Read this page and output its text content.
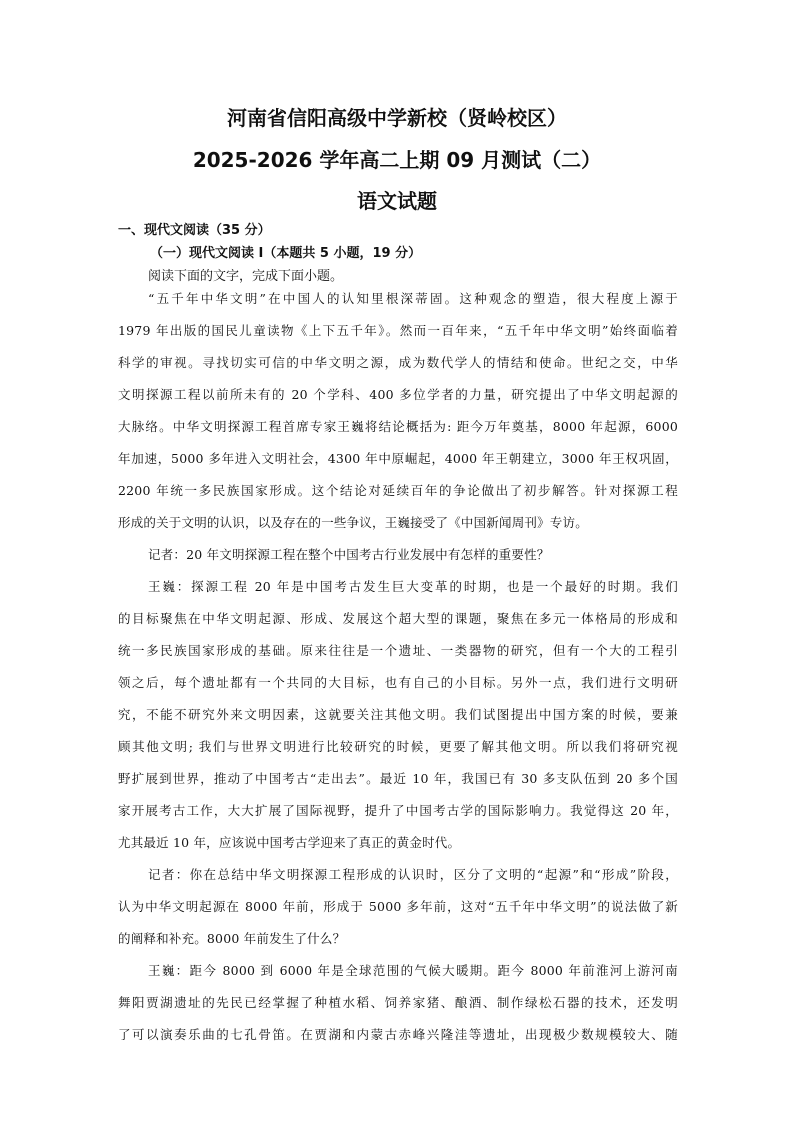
河南省信阳高级中学新校（贤岭校区）
2025-2026 学年高二上期 09 月测试（二）
语文试题
一、现代文阅读（35 分）
（一）现代文阅读 I（本题共 5 小题，19 分）
阅读下面的文字，完成下面小题。
“五千年中华文明”在中国人的认知里根深蒂固。这种观念的塑造，很大程度上源于
1979 年出版的国民儿童读物《上下五千年》。然而一百年来，“五千年中华文明”始终面临着
科学的审视。寻找切实可信的中华文明之源，成为数代学人的情结和使命。世纪之交，中华
文明探源工程以前所未有的 20 个学科、400 多位学者的力量，研究提出了中华文明起源的
大脉络。中华文明探源工程首席专家王巍将结论概括为: 距今万年奠基，8000 年起源，6000
年加速，5000 多年进入文明社会，4300 年中原崛起，4000 年王朝建立，3000 年王权巩固，
2200 年统一多民族国家形成。这个结论对延续百年的争论做出了初步解答。针对探源工程
形成的关于文明的认识，以及存在的一些争议，王巍接受了《中国新闻周刊》专访。
记者：20 年文明探源工程在整个中国考古行业发展中有怎样的重要性？
王巍：探源工程 20 年是中国考古发生巨大变革的时期，也是一个最好的时期。我们
的目标聚焦在中华文明起源、形成、发展这个超大型的课题，聚焦在多元一体格局的形成和
统一多民族国家形成的基础。原来往往是一个遗址、一类器物的研究，但有一个大的工程引
领之后，每个遗址都有一个共同的大目标，也有自己的小目标。另外一点，我们进行文明研
究，不能不研究外来文明因素，这就要关注其他文明。我们试图提出中国方案的时候，要兼
顾其他文明; 我们与世界文明进行比较研究的时候，更要了解其他文明。所以我们将研究视
野扩展到世界，推动了中国考古“走出去”。最近 10 年，我国已有 30 多支队伍到 20 多个国
家开展考古工作，大大扩展了国际视野，提升了中国考古学的国际影响力。我觉得这 20 年，
尤其最近 10 年，应该说中国考古学迎来了真正的黄金时代。
记者：你在总结中华文明探源工程形成的认识时，区分了文明的“起源”和“形成”阶段，
认为中华文明起源在 8000 年前，形成于 5000 多年前，这对“五千年中华文明”的说法做了新
的阐释和补充。8000 年前发生了什么？
王巍：距今 8000 到 6000 年是全球范围的气候大暖期。距今 8000 年前淮河上游河南
舞阳贾湖遗址的先民已经掌握了种植水稻、饲养家猪、酿酒、制作绿松石器的技术，还发明
了可以演奏乐曲的七孔骨笛。在贾湖和内蒙古赤峰兴隆洼等遗址，出现极少数规模较大、随
